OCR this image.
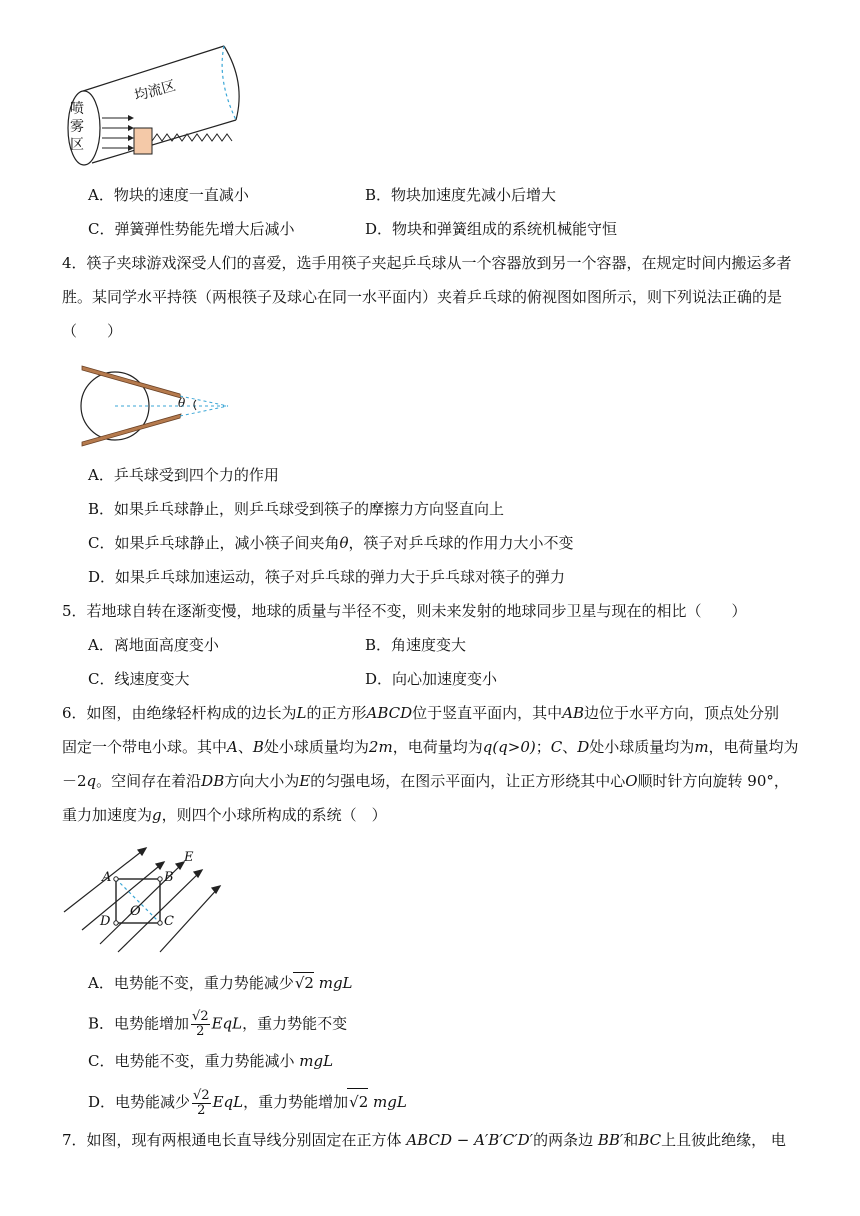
喷
雾
区
均流区
A．物块的速度一直减小	B．物块加速度先减小后增大
C．弹簧弹性势能先增大后减小	D．物块和弹簧组成的系统机械能守恒
4．筷子夹球游戏深受人们的喜爱，选手用筷子夹起乒乓球从一个容器放到另一个容器，在规定时间内搬运多者
胜。某同学水平持筷（两根筷子及球心在同一水平面内）夹着乒乓球的俯视图如图所示，则下列说法正确的是
（　　）
θ
A．乒乓球受到四个力的作用
B．如果乒乓球静止，则乒乓球受到筷子的摩擦力方向竖直向上
C．如果乒乓球静止，减小筷子间夹角θ，筷子对乒乓球的作用力大小不变
D．如果乒乓球加速运动，筷子对乒乓球的弹力大于乒乓球对筷子的弹力
5．若地球自转在逐渐变慢，地球的质量与半径不变，则未来发射的地球同步卫星与现在的相比（　　）
A．离地面高度变小	B．角速度变大
C．线速度变大	D．向心加速度变小
6．如图，由绝缘轻杆构成的边长为L的正方形ABCD位于竖直平面内，其中AB边位于水平方向，顶点处分别
固定一个带电小球。其中A、B处小球质量均为2m，电荷量均为q(q>0)；C、D处小球质量均为m，电荷量均为
－2q。空间存在着沿DB方向大小为E的匀强电场，在图示平面内，让正方形绕其中心O顺时针方向旋转 90°，
重力加速度为g，则四个小球所构成的系统（　）
A	B
C
D
O
E
A．电势能不变，重力势能减少√2 mgL
B．电势能增加 $\frac{√2}{2}$ EqL，重力势能不变
C．电势能不变，重力势能减小 mgL
D．电势能减少 $\frac{√2}{2}$ EqL，重力势能增加√2 mgL
7．如图，现有两根通电长直导线分别固定在正方体 ABCD − A′B′C′D′的两条边 BB′和BC上且彼此绝缘， 电
